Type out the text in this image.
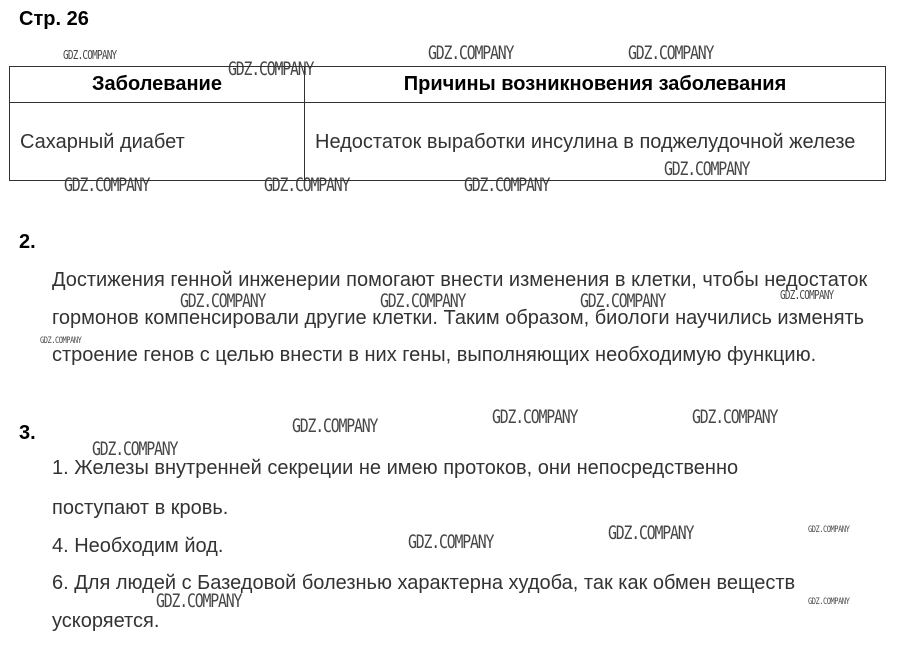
Стр. 26
Заболевание	Причины возникновения заболевания
Сахарный диабет	Недостаток выработки инсулина в поджелудочной железе
2.
Достижения генной инженерии помогают внести изменения в клетки, чтобы недостаток гормонов компенсировали другие клетки. Таким образом, биологи научились изменять строение генов с целью внести в них гены, выполняющих необходимую функцию.
3.
1. Железы внутренней секреции не имею протоков, они непосредственно
поступают в кровь.
4. Необходим йод.
6. Для людей с Базедовой болезнью характерна худоба, так как обмен веществ
ускоряется.
GDZ.COMPANY	GDZ.COMPANY	GDZ.COMPANY
GDZ.COMPANY
GDZ.COMPANY
GDZ.COMPANY	GDZ.COMPANY	GDZ.COMPANY
GDZ.COMPANY
GDZ.COMPANY	GDZ.COMPANY	GDZ.COMPANY
GDZ.COMPANY
GDZ.COMPANY	GDZ.COMPANY
GDZ.COMPANY
GDZ.COMPANY
GDZ.COMPANY	GDZ.COMPANY
GDZ.COMPANY
GDZ.COMPANY	GDZ.COMPANY
